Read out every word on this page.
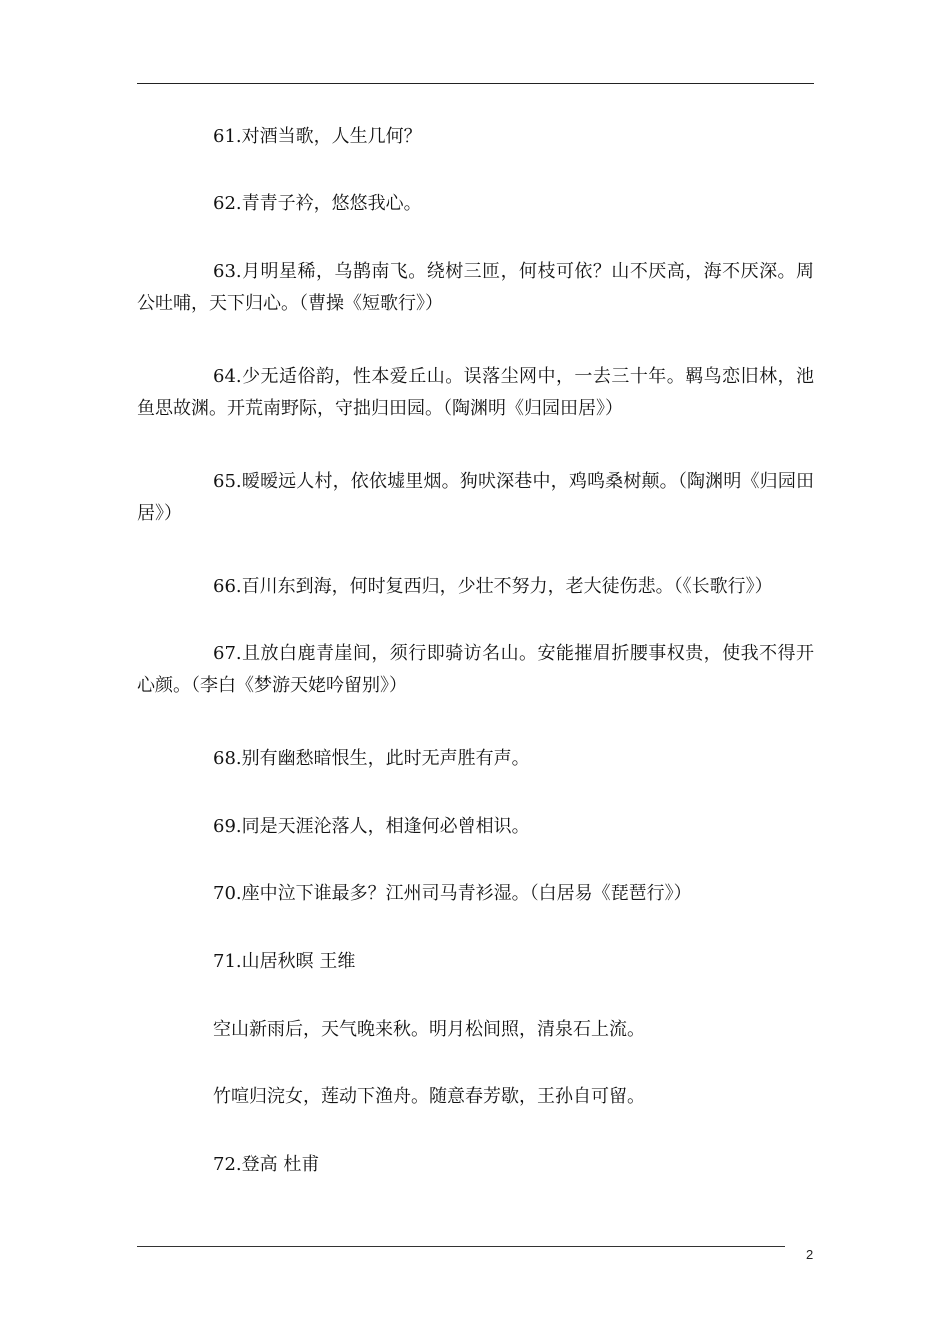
61.对酒当歌，人生几何？
62.青青子衿，悠悠我心。
63.月明星稀，乌鹊南飞。绕树三匝，何枝可依？山不厌高，海不厌深。周公吐哺，天下归心。（曹操《短歌行》）
64.少无适俗韵，性本爱丘山。误落尘网中，一去三十年。羁鸟恋旧林，池鱼思故渊。开荒南野际，守拙归田园。（陶渊明《归园田居》）
65.暧暧远人村，依依墟里烟。狗吠深巷中，鸡鸣桑树颠。（陶渊明《归园田居》）
66.百川东到海，何时复西归，少壮不努力，老大徒伤悲。（《长歌行》）
67.且放白鹿青崖间，须行即骑访名山。安能摧眉折腰事权贵，使我不得开心颜。（李白《梦游天姥吟留别》）
68.别有幽愁暗恨生，此时无声胜有声。
69.同是天涯沦落人，相逢何必曾相识。
70.座中泣下谁最多？江州司马青衫湿。（白居易《琵琶行》）
71.山居秋暝 王维
空山新雨后，天气晚来秋。明月松间照，清泉石上流。
竹喧归浣女，莲动下渔舟。随意春芳歇，王孙自可留。
72.登高 杜甫
2
